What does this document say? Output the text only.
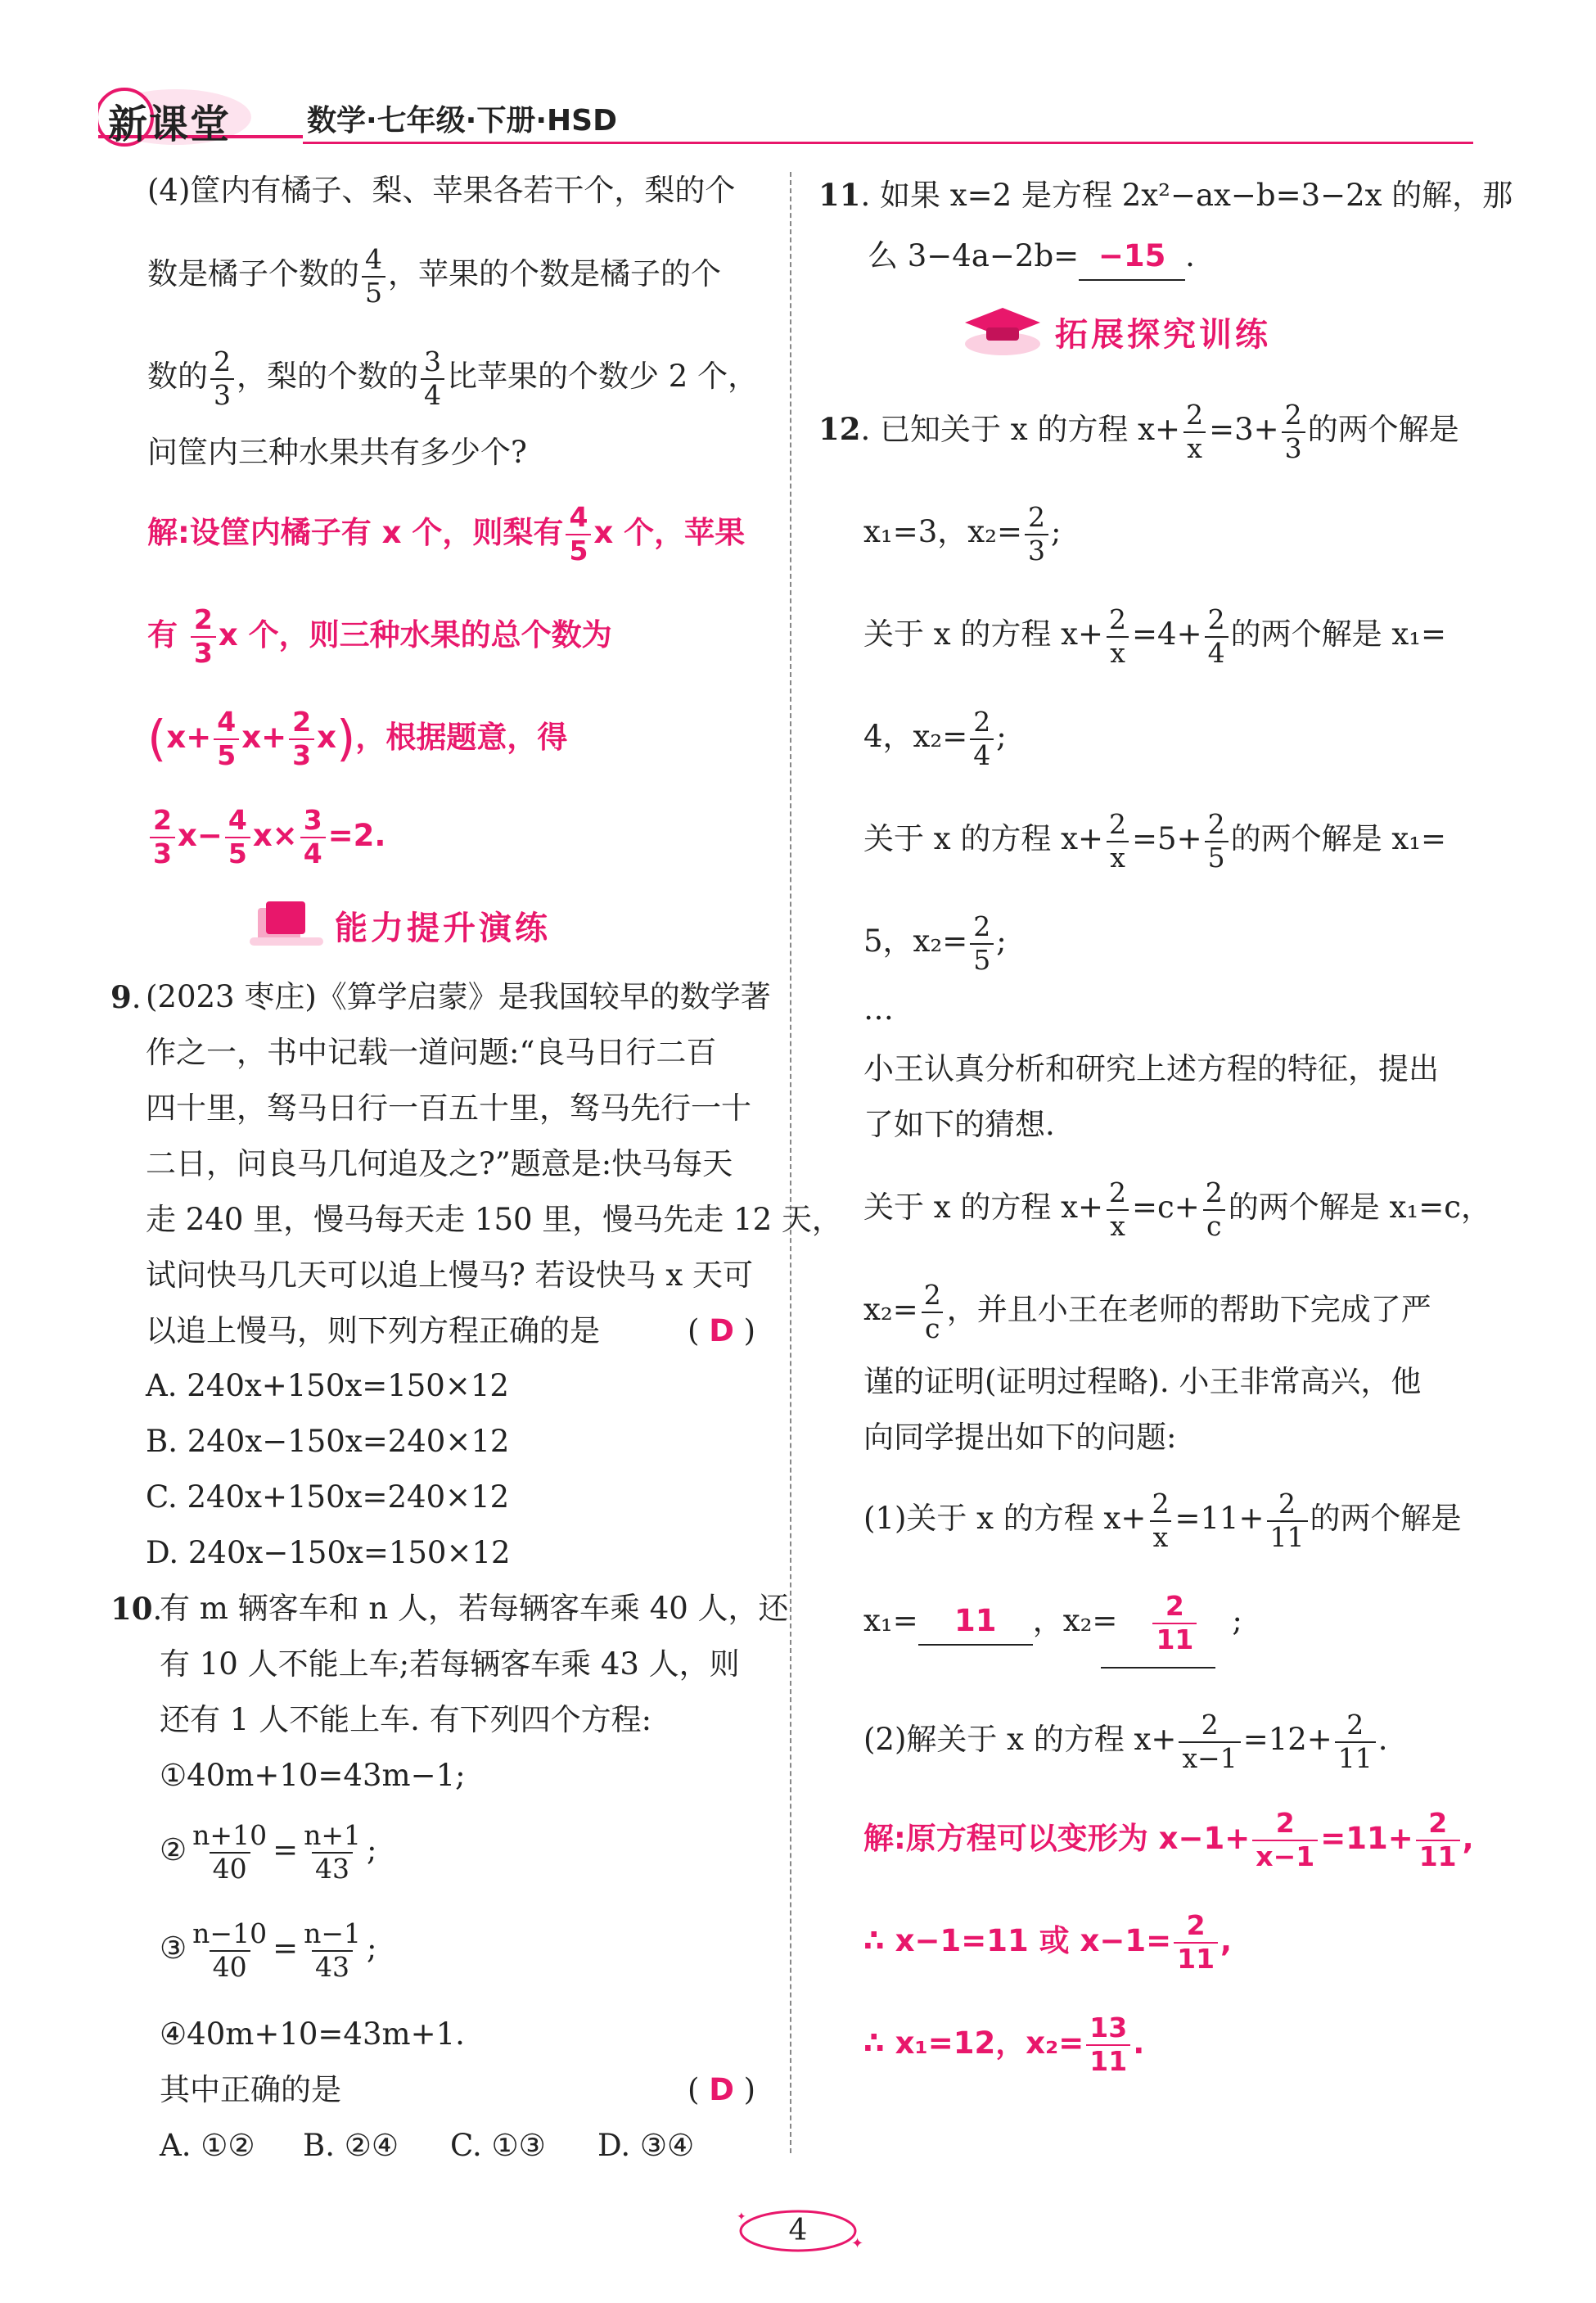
新课堂	数学·七年级·下册·HSD
(4)筐内有橘子、梨、苹果各若干个，梨的个
数是橘子个数的 $\frac{4}{5}$ ，苹果的个数是橘子的个
数的 $\frac{2}{3}$ ，梨的个数的 $\frac{3}{4}$ 比苹果的个数少 2 个，
问筐内三种水果共有多少个?
解:设筐内橘子有 x 个，则梨有 $\frac{4}{5}$ x 个，苹果
有 $\frac{2}{3}$ x 个，则三种水果的总个数为
$(x+ \frac{4}{5} x+ \frac{2}{3} x)$，根据题意，得
$\frac{2}{3} x- \frac{4}{5} x\times \frac{3}{4} =2$.
能力提升演练
9. (2023 枣庄)《算学启蒙》是我国较早的数学著
作之一，书中记载一道问题:“良马日行二百
四十里，驽马日行一百五十里，驽马先行一十
二日，问良马几何追及之?”题意是:快马每天
走 240 里，慢马每天走 150 里，慢马先走 12 天，
试问快马几天可以追上慢马? 若设快马 x 天可
以追上慢马，则下列方程正确的是	( D )
A. 240x+150x=150×12
B. 240x−150x=240×12
C. 240x+150x=240×12
D. 240x−150x=150×12
10.
有 m 辆客车和 n 人，若每辆客车乘 40 人，还
有 10 人不能上车;若每辆客车乘 43 人，则
还有 1 人不能上车. 有下列四个方程:
①40m+10=43m−1;
② $\frac{n+10}{40} = \frac{n+1}{43}$ ;
③ $\frac{n-10}{40} = \frac{n-1}{43}$ ;
④40m+10=43m+1.
其中正确的是	( D )
A. ①② B. ②④ C. ①③ D. ③④
11. 如果 x=2 是方程 2x²−ax−b=3−2x 的解，那
么 3−4a−2b= −15 .
拓展探究训练
12. 已知关于 x 的方程 $x+ \frac{2}{x} =3+ \frac{2}{3}$ 的两个解是
x₁=3，$x_2= \frac{2}{3}$ ;
关于 x 的方程 $x+ \frac{2}{x} =4+ \frac{2}{4}$ 的两个解是 x₁=
4，$x_2= \frac{2}{4}$ ;
关于 x 的方程 $x+ \frac{2}{x} =5+ \frac{2}{5}$ 的两个解是 x₁=
5，$x_2= \frac{2}{5}$ ;
…
小王认真分析和研究上述方程的特征，提出
了如下的猜想.
关于 x 的方程 $x+ \frac{2}{x} =c+ \frac{2}{c}$ 的两个解是 x₁=c，
$x_2= \frac{2}{c}$ ，并且小王在老师的帮助下完成了严
谨的证明(证明过程略). 小王非常高兴，他
向同学提出如下的问题:
(1)关于 x 的方程 $x+ \frac{2}{x} =11+ \frac{2}{11}$ 的两个解是
x₁= 11 ，$x_2= \frac{2}{11}$ ;
(2)解关于 x 的方程 $x+ \frac{2}{x-1} =12+ \frac{2}{11}$ .
解:原方程可以变形为 $x-1+ \frac{2}{x-1} =11+ \frac{2}{11}$ ,
∴ x−1=11 或 $x-1= \frac{2}{11}$ ,
∴ x₁=12，$x_2= \frac{13}{11}$ .
✦
✦	4
